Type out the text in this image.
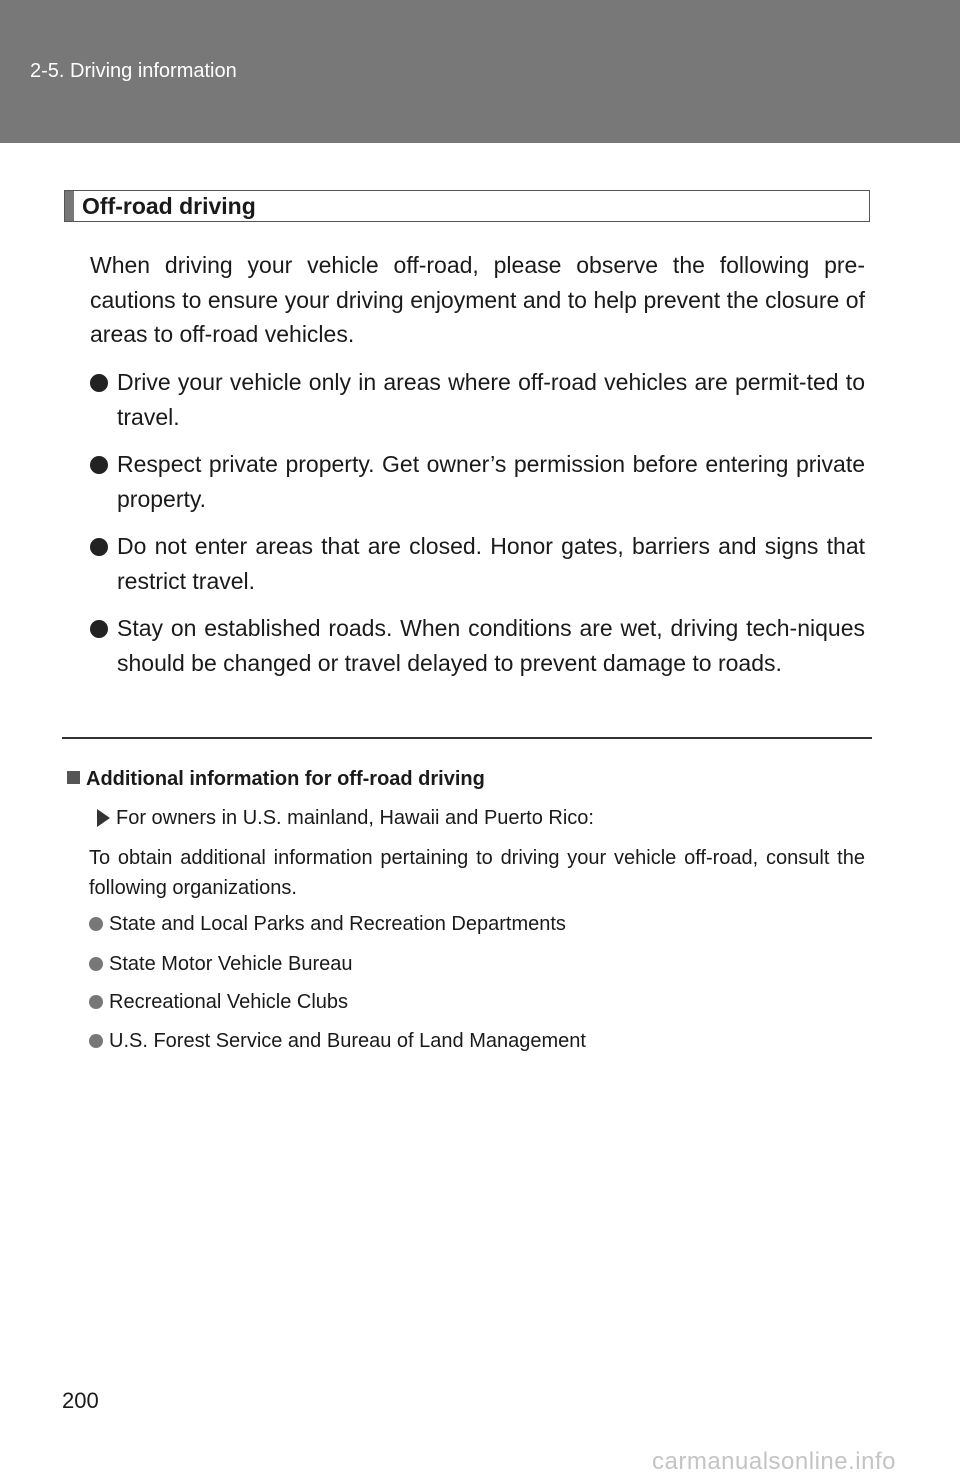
2-5. Driving information
Off-road driving

When driving your vehicle off-road, please observe the following pre-cautions to ensure your driving enjoyment and to help prevent the closure of areas to off-road vehicles.

Drive your vehicle only in areas where off-road vehicles are permit-ted to travel.
Respect private property. Get owner’s permission before entering private property.
Do not enter areas that are closed. Honor gates, barriers and signs that restrict travel.
Stay on established roads. When conditions are wet, driving tech-niques should be changed or travel delayed to prevent damage to roads.
Additional information for off-road driving
For owners in U.S. mainland, Hawaii and Puerto Rico:

To obtain additional information pertaining to driving your vehicle off-road, consult the following organizations.

State and Local Parks and Recreation Departments
State Motor Vehicle Bureau
Recreational Vehicle Clubs
U.S. Forest Service and Bureau of Land Management
200
carmanualsonline.info
